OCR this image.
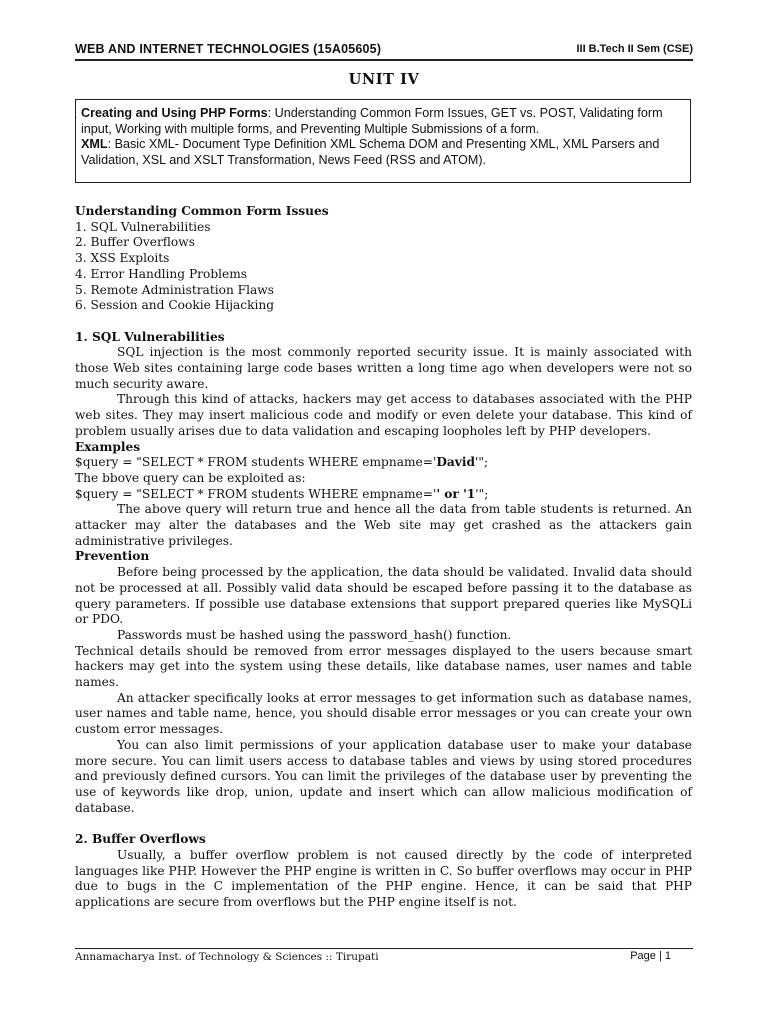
WEB AND INTERNET TECHNOLOGIES (15A05605)	III B.Tech II Sem (CSE)
UNIT IV
. Creating and Using PHP Forms: Understanding Common Form Issues, GET vs. POST, Validating form input, Working with multiple forms, and Preventing Multiple Submissions of a form.
XML: Basic XML- Document Type Definition XML Schema DOM and Presenting XML, XML Parsers and Validation, XSL and XSLT Transformation, News Feed (RSS and ATOM).

Understanding Common Form Issues

1. SQL Vulnerabilities

2. Buffer Overflows

3. XSS Exploits

4. Error Handling Problems

5. Remote Administration Flaws

6. Session and Cookie Hijacking

1. SQL Vulnerabilities

SQL injection is the most commonly reported security issue. It is mainly associated with those Web sites containing large code bases written a long time ago when developers were not so much security aware.

Through this kind of attacks, hackers may get access to databases associated with the PHP web sites. They may insert malicious code and modify or even delete your database. This kind of problem usually arises due to data validation and escaping loopholes left by PHP developers.

Examples

$query = "SELECT * FROM students WHERE empname='David'";

The bbove query can be exploited as:

$query = "SELECT * FROM students WHERE empname='' or '1'";

The above query will return true and hence all the data from table students is returned. An attacker may alter the databases and the Web site may get crashed as the attackers gain administrative privileges.

Prevention

Before being processed by the application, the data should be validated. Invalid data should not be processed at all. Possibly valid data should be escaped before passing it to the database as query parameters. If possible use database extensions that support prepared queries like MySQLi or PDO.

Passwords must be hashed using the password_hash() function.

Technical details should be removed from error messages displayed to the users because smart hackers may get into the system using these details, like database names, user names and table names.

An attacker specifically looks at error messages to get information such as database names, user names and table name, hence, you should disable error messages or you can create your own custom error messages.

You can also limit permissions of your application database user to make your database more secure. You can limit users access to database tables and views by using stored procedures and previously defined cursors. You can limit the privileges of the database user by preventing the use of keywords like drop, union, update and insert which can allow malicious modification of database.

2. Buffer Overflows

Usually, a buffer overflow problem is not caused directly by the code of interpreted languages like PHP. However the PHP engine is written in C. So buffer overflows may occur in PHP due to bugs in the C implementation of the PHP engine. Hence, it can be said that PHP applications are secure from overflows but the PHP engine itself is not.

Annamacharya Inst. of Technology & Sciences :: Tirupati	Page | 1
